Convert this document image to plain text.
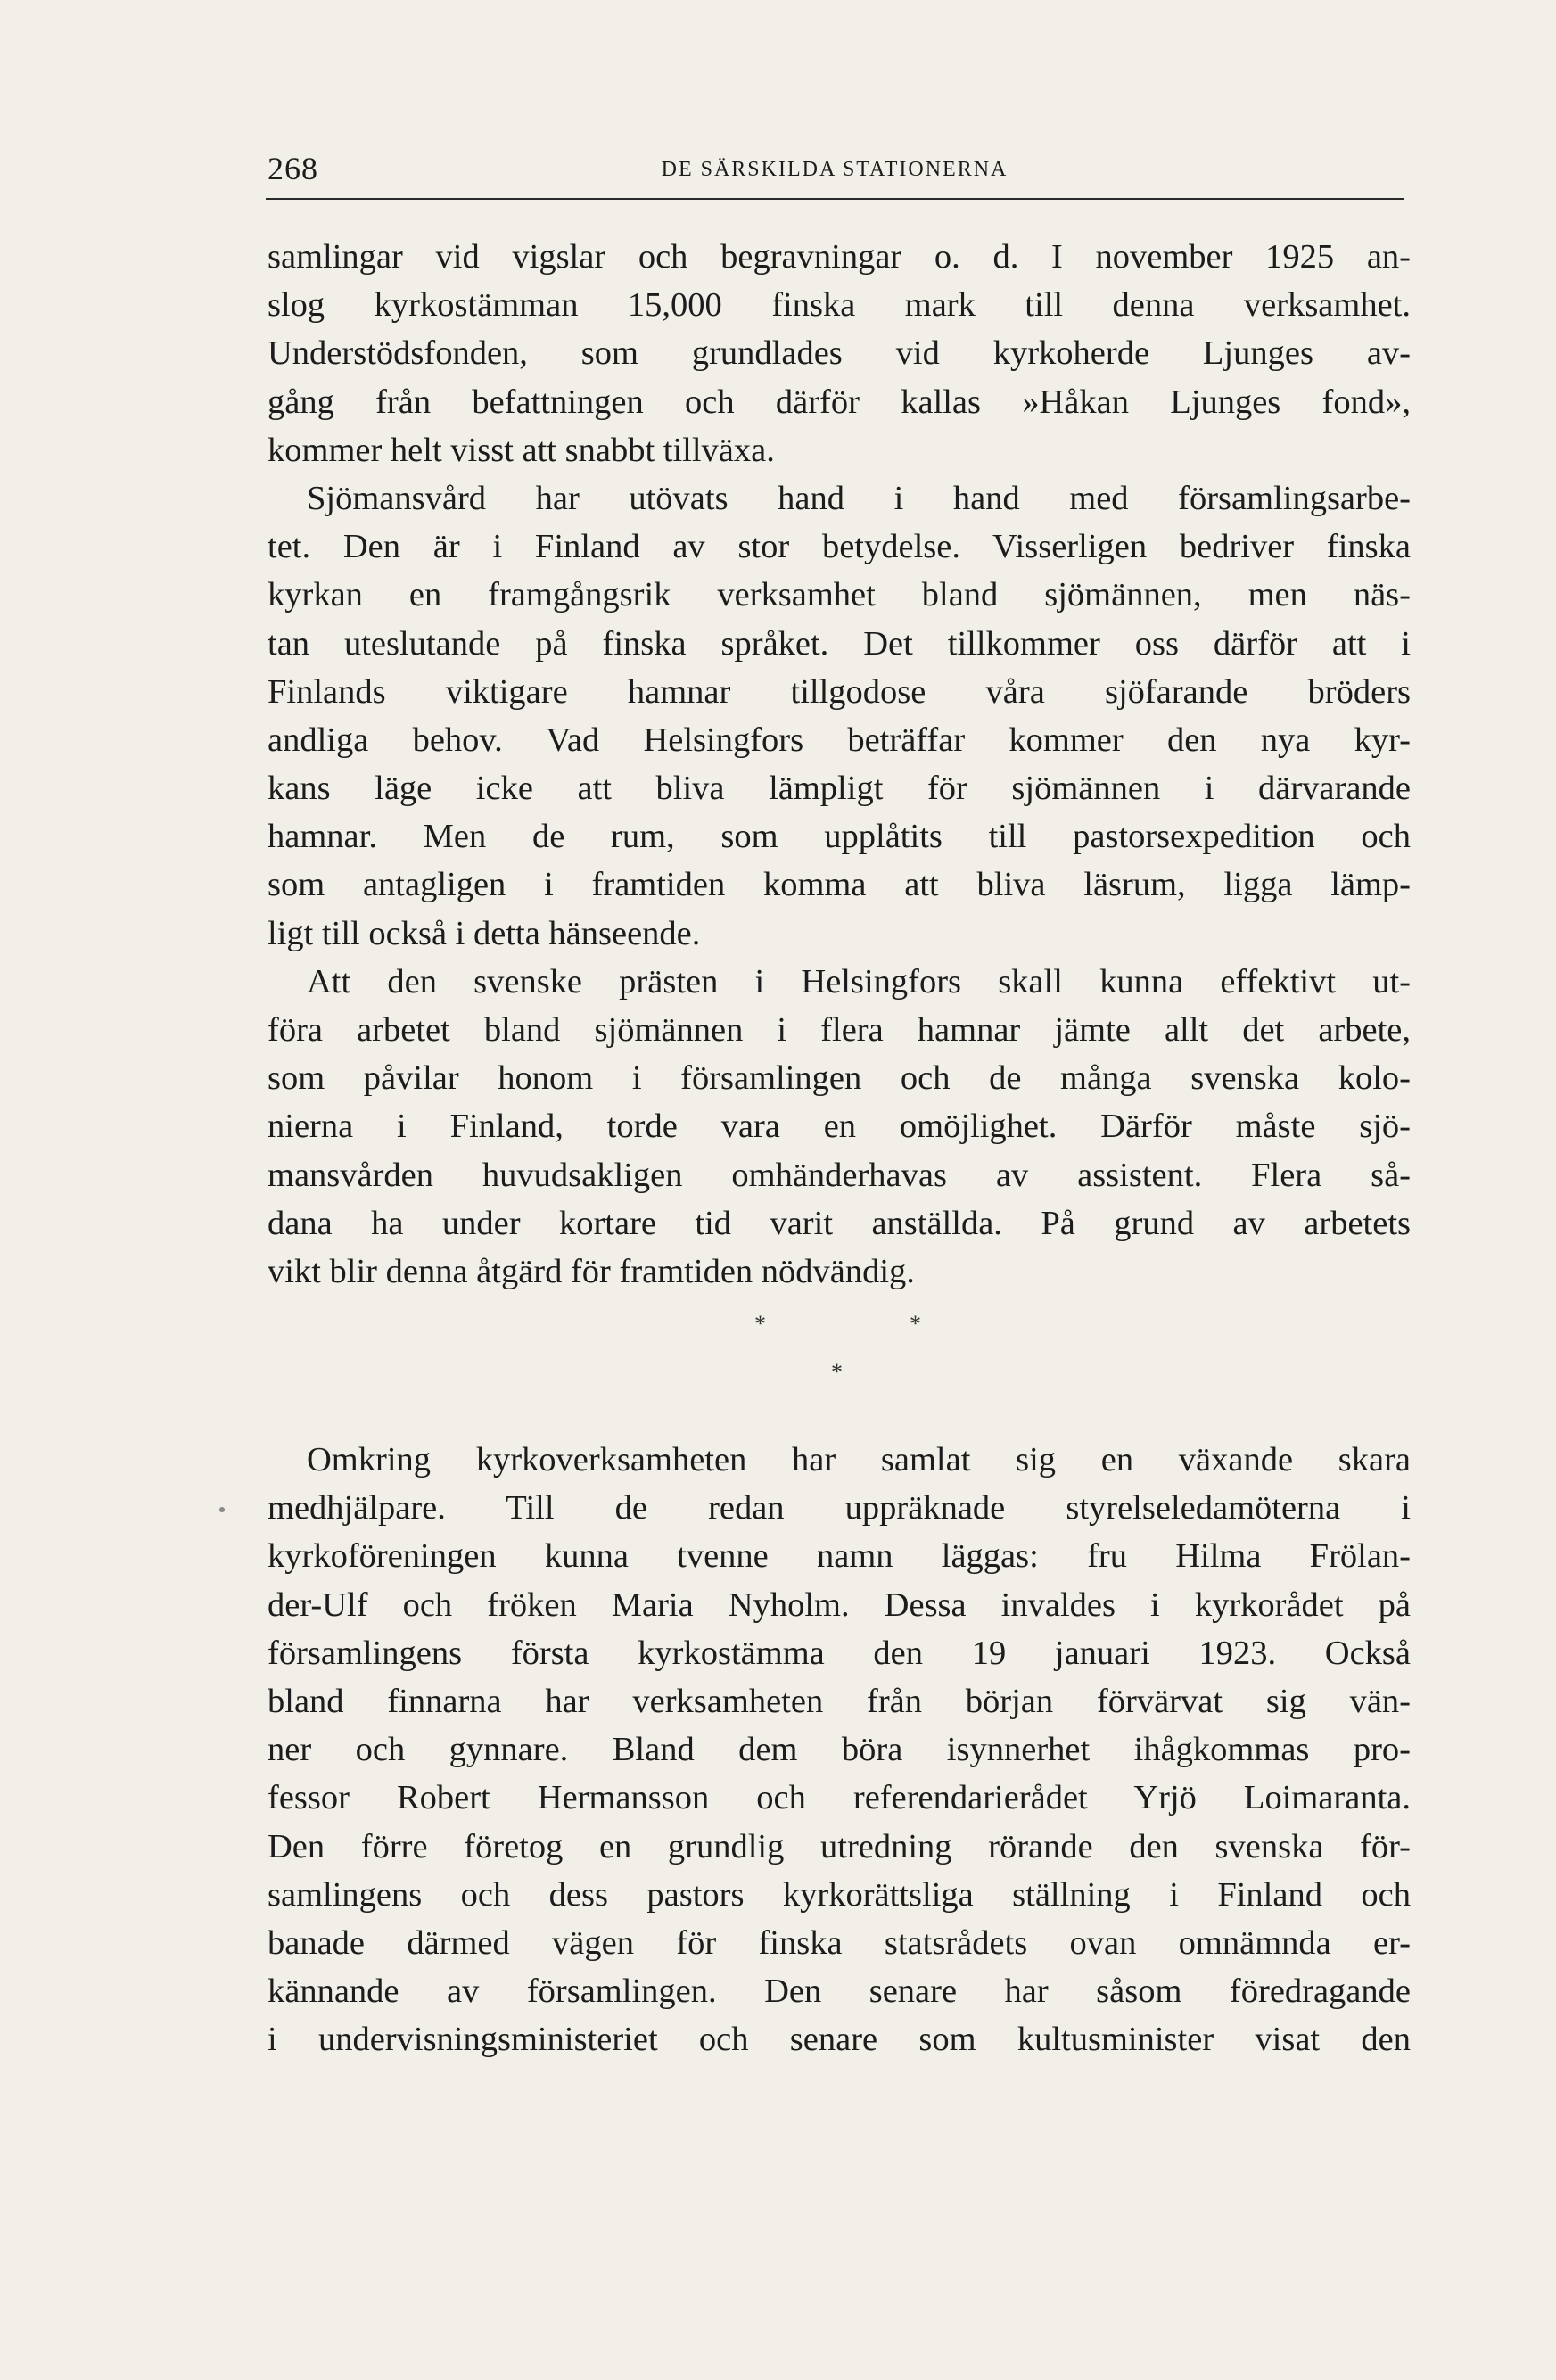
268	DE SÄRSKILDA STATIONERNA
samlingar vid vigslar och begravningar o. d. I november 1925 an-
slog kyrkostämman 15,000 finska mark till denna verksamhet.
Understödsfonden, som grundlades vid kyrkoherde Ljunges av-
gång från befattningen och därför kallas »Håkan Ljunges fond»,
kommer helt visst att snabbt tillväxa.
Sjömansvård har utövats hand i hand med församlingsarbe-
tet. Den är i Finland av stor betydelse. Visserligen bedriver finska
kyrkan en framgångsrik verksamhet bland sjömännen, men näs-
tan uteslutande på finska språket. Det tillkommer oss därför att i
Finlands viktigare hamnar tillgodose våra sjöfarande bröders
andliga behov. Vad Helsingfors beträffar kommer den nya kyr-
kans läge icke att bliva lämpligt för sjömännen i därvarande
hamnar. Men de rum, som upplåtits till pastorsexpedition och
som antagligen i framtiden komma att bliva läsrum, ligga lämp-
ligt till också i detta hänseende.
Att den svenske prästen i Helsingfors skall kunna effektivt ut-
föra arbetet bland sjömännen i flera hamnar jämte allt det arbete,
som påvilar honom i församlingen och de många svenska kolo-
nierna i Finland, torde vara en omöjlighet. Därför måste sjö-
mansvården huvudsakligen omhänderhavas av assistent. Flera så-
dana ha under kortare tid varit anställda. På grund av arbetets
vikt blir denna åtgärd för framtiden nödvändig.
*	*
*
Omkring kyrkoverksamheten har samlat sig en växande skara
medhjälpare. Till de redan uppräknade styrelseledamöterna i
kyrkoföreningen kunna tvenne namn läggas: fru Hilma Frölan-
der-Ulf och fröken Maria Nyholm. Dessa invaldes i kyrkorådet på
församlingens första kyrkostämma den 19 januari 1923. Också
bland finnarna har verksamheten från början förvärvat sig vän-
ner och gynnare. Bland dem böra isynnerhet ihågkommas pro-
fessor Robert Hermansson och referendarierådet Yrjö Loimaranta.
Den förre företog en grundlig utredning rörande den svenska för-
samlingens och dess pastors kyrkorättsliga ställning i Finland och
banade därmed vägen för finska statsrådets ovan omnämnda er-
kännande av församlingen. Den senare har såsom föredragande
i undervisningsministeriet och senare som kultusminister visat den
